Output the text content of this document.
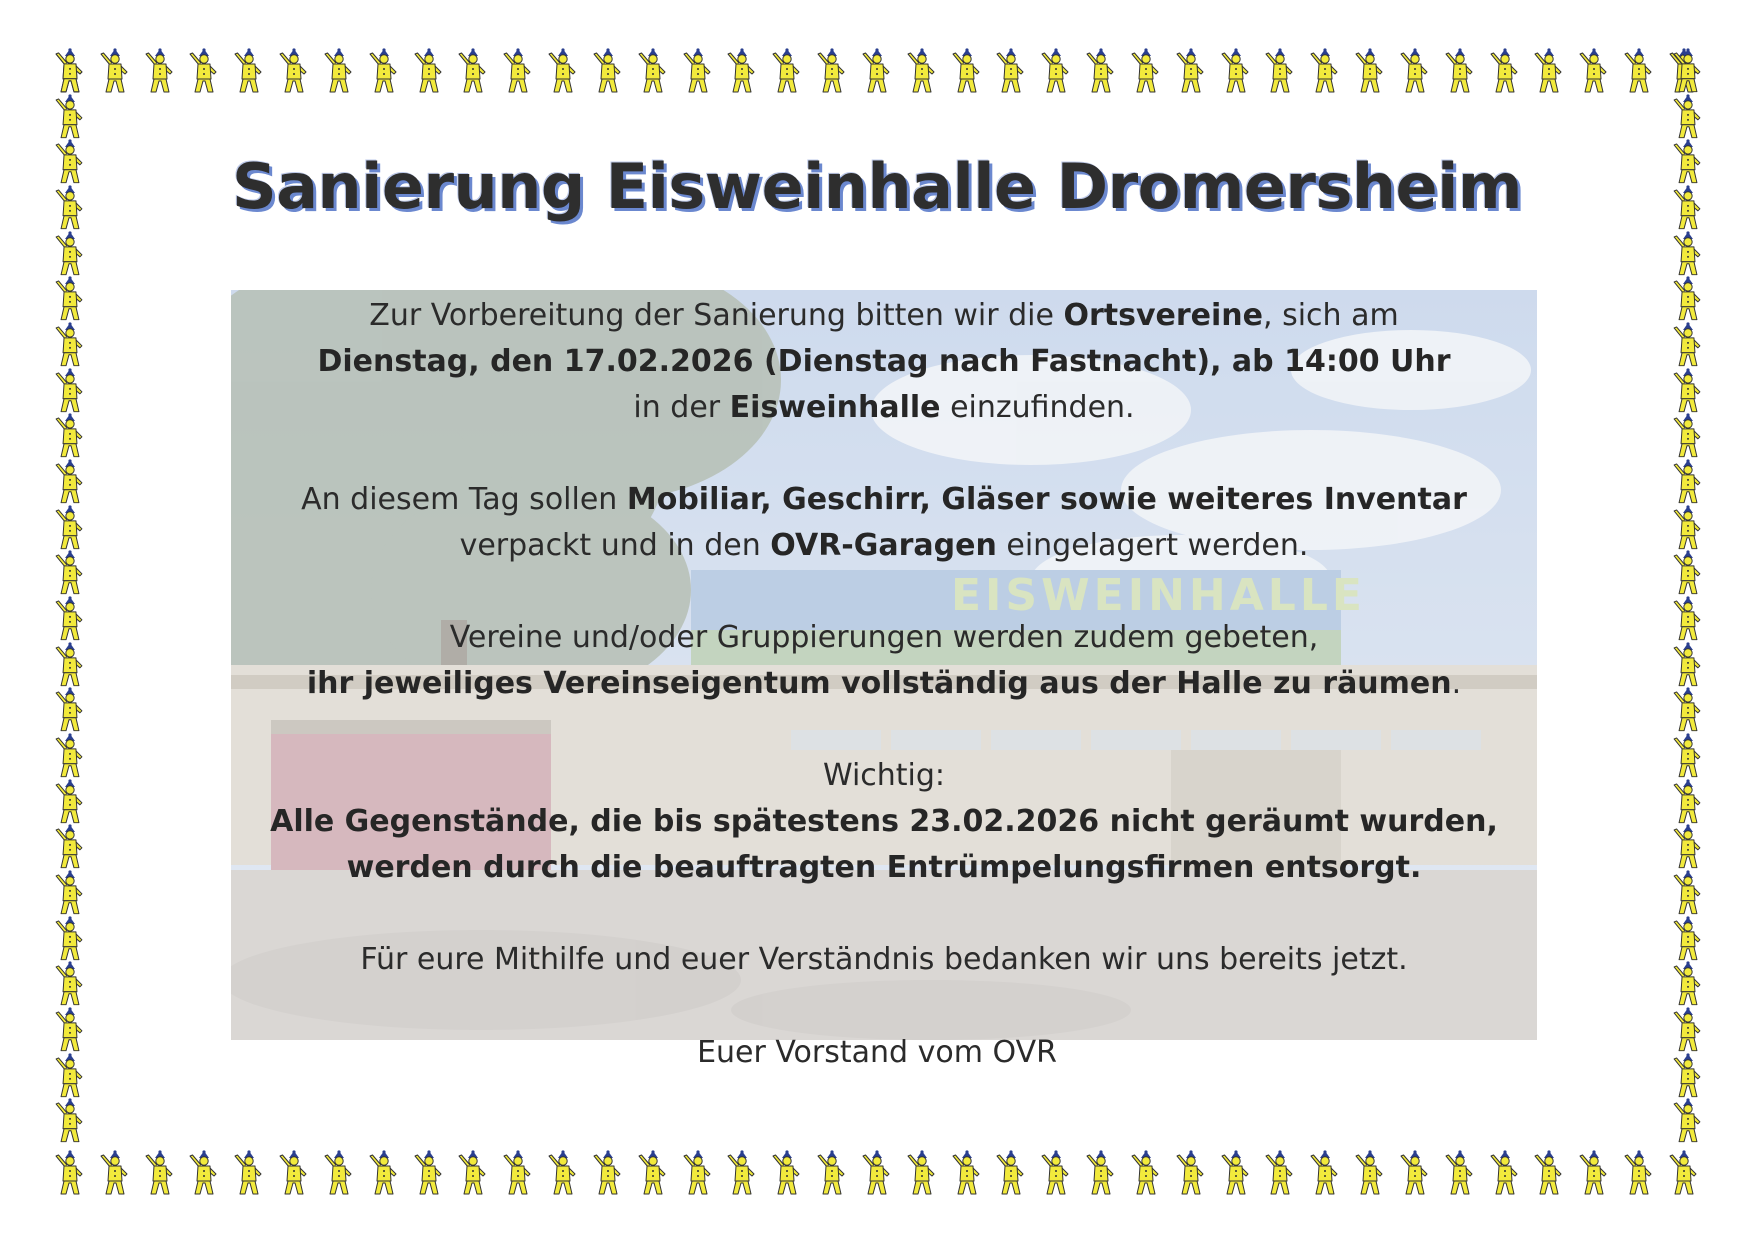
Sanierung Eisweinhalle Dromersheim
EISWEINHALLE

Zur Vorbereitung der Sanierung bitten wir die Ortsvereine, sich am
Dienstag, den 17.02.2026 (Dienstag nach Fastnacht), ab 14:00 Uhr
in der Eisweinhalle einzufinden.

An diesem Tag sollen Mobiliar, Geschirr, Gläser sowie weiteres Inventar
verpackt und in den OVR-Garagen eingelagert werden.

Vereine und/oder Gruppierungen werden zudem gebeten,
ihr jeweiliges Vereinseigentum vollständig aus der Halle zu räumen.

Wichtig:
Alle Gegenstände, die bis spätestens 23.02.2026 nicht geräumt wurden,
werden durch die beauftragten Entrümpelungsfirmen entsorgt.

Für eure Mithilfe und euer Verständnis bedanken wir uns bereits jetzt.

Euer Vorstand vom OVR
